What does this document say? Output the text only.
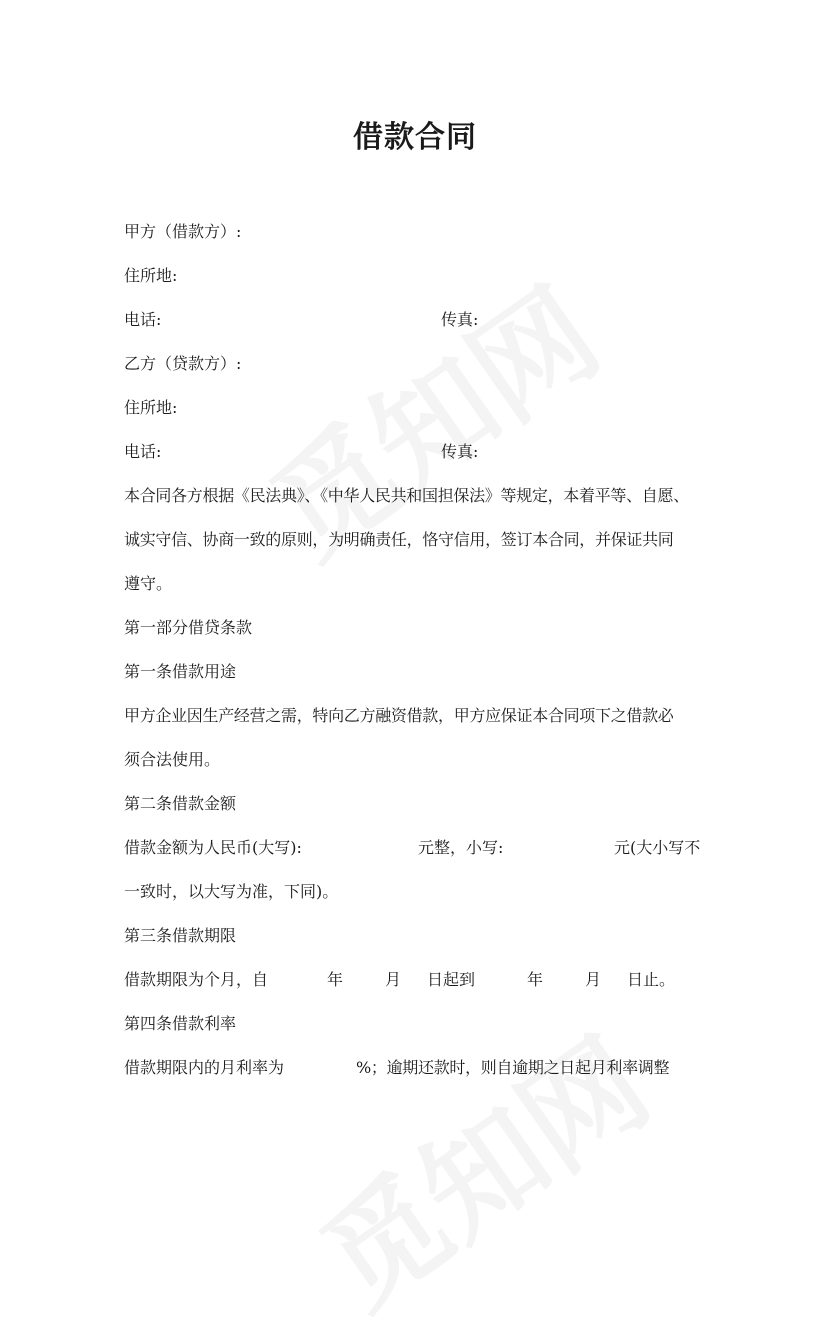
借款合同
甲方（借款方）:
住所地:
电话:	传真:
乙方（贷款方）:
住所地:
电话:	传真:
本合同各方根据《民法典》、《中华人民共和国担保法》等规定，本着平等、自愿、
诚实守信、协商一致的原则，为明确责任，恪守信用，签订本合同，并保证共同
遵守。
第一部分借贷条款
第一条借款用途
甲方企业因生产经营之需，特向乙方融资借款，甲方应保证本合同项下之借款必
须合法使用。
第二条借款金额
借款金额为人民币(大写):	元整，小写:	元(大小写不
一致时，以大写为准，下同)。
第三条借款期限
借款期限为个月，自	年	月 日起到	年	月 日止。
第四条借款利率
借款期限内的月利率为	%；逾期还款时，则自逾期之日起月利率调整
